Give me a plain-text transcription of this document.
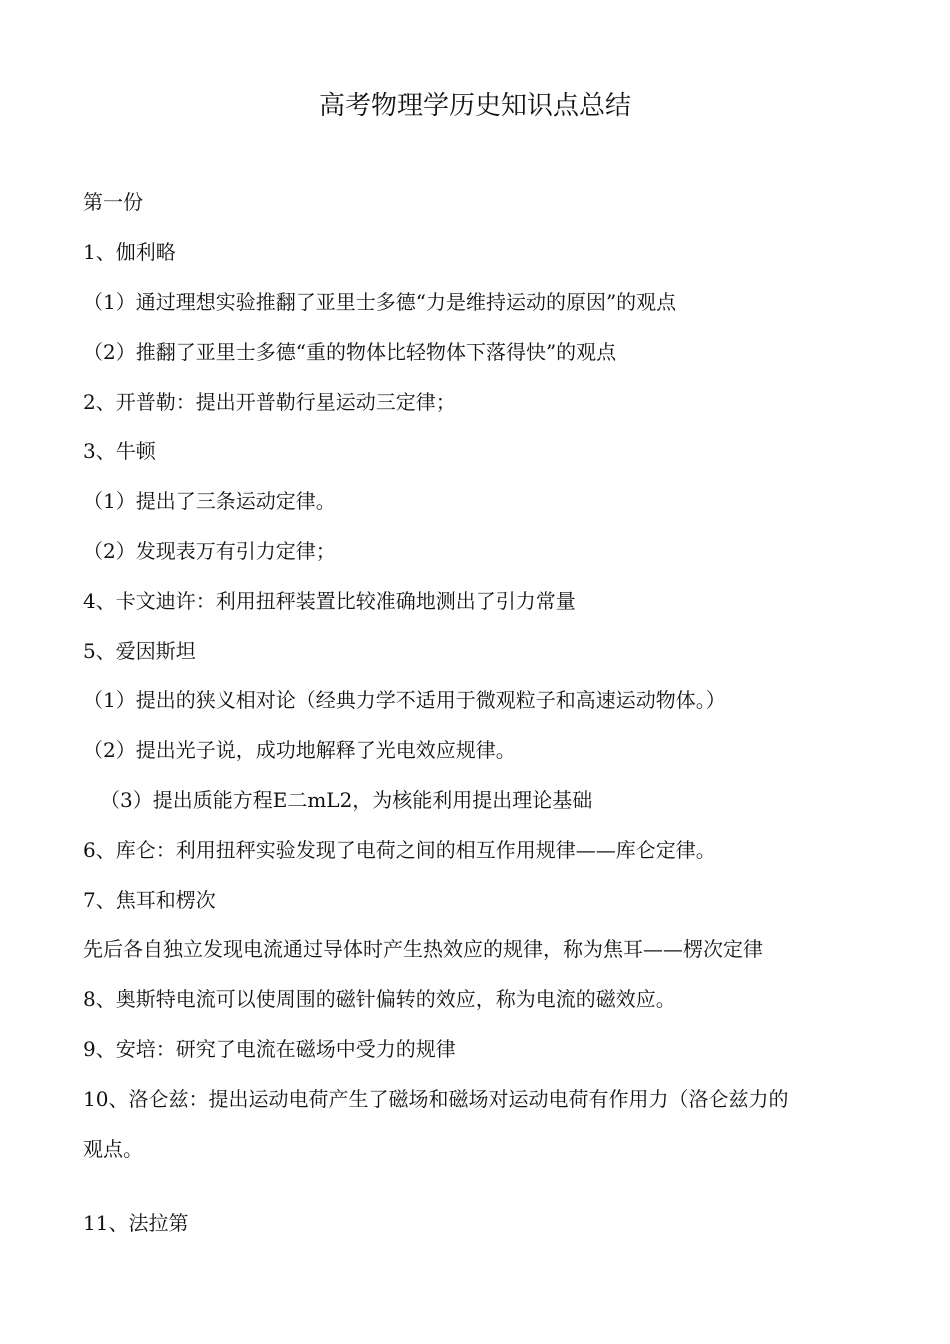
高考物理学历史知识点总结
第一份
1、伽利略
（1）通过理想实验推翻了亚里士多德“力是维持运动的原因”的观点
（2）推翻了亚里士多德“重的物体比轻物体下落得快”的观点
2、开普勒：提出开普勒行星运动三定律；
3、牛顿
（1）提出了三条运动定律。
（2）发现表万有引力定律；
4、卡文迪许：利用扭秤装置比较准确地测出了引力常量
5、爱因斯坦
（1）提出的狭义相对论（经典力学不适用于微观粒子和高速运动物体。）
（2）提出光子说，成功地解释了光电效应规律。
（3）提出质能方程E二mL2，为核能利用提出理论基础
6、库仑：利用扭秤实验发现了电荷之间的相互作用规律——库仑定律。
7、焦耳和楞次
先后各自独立发现电流通过导体时产生热效应的规律，称为焦耳——楞次定律
8、奥斯特电流可以使周围的磁针偏转的效应，称为电流的磁效应。
9、安培：研究了电流在磁场中受力的规律
10、洛仑兹：提出运动电荷产生了磁场和磁场对运动电荷有作用力（洛仑兹力的
观点。
11、法拉第
